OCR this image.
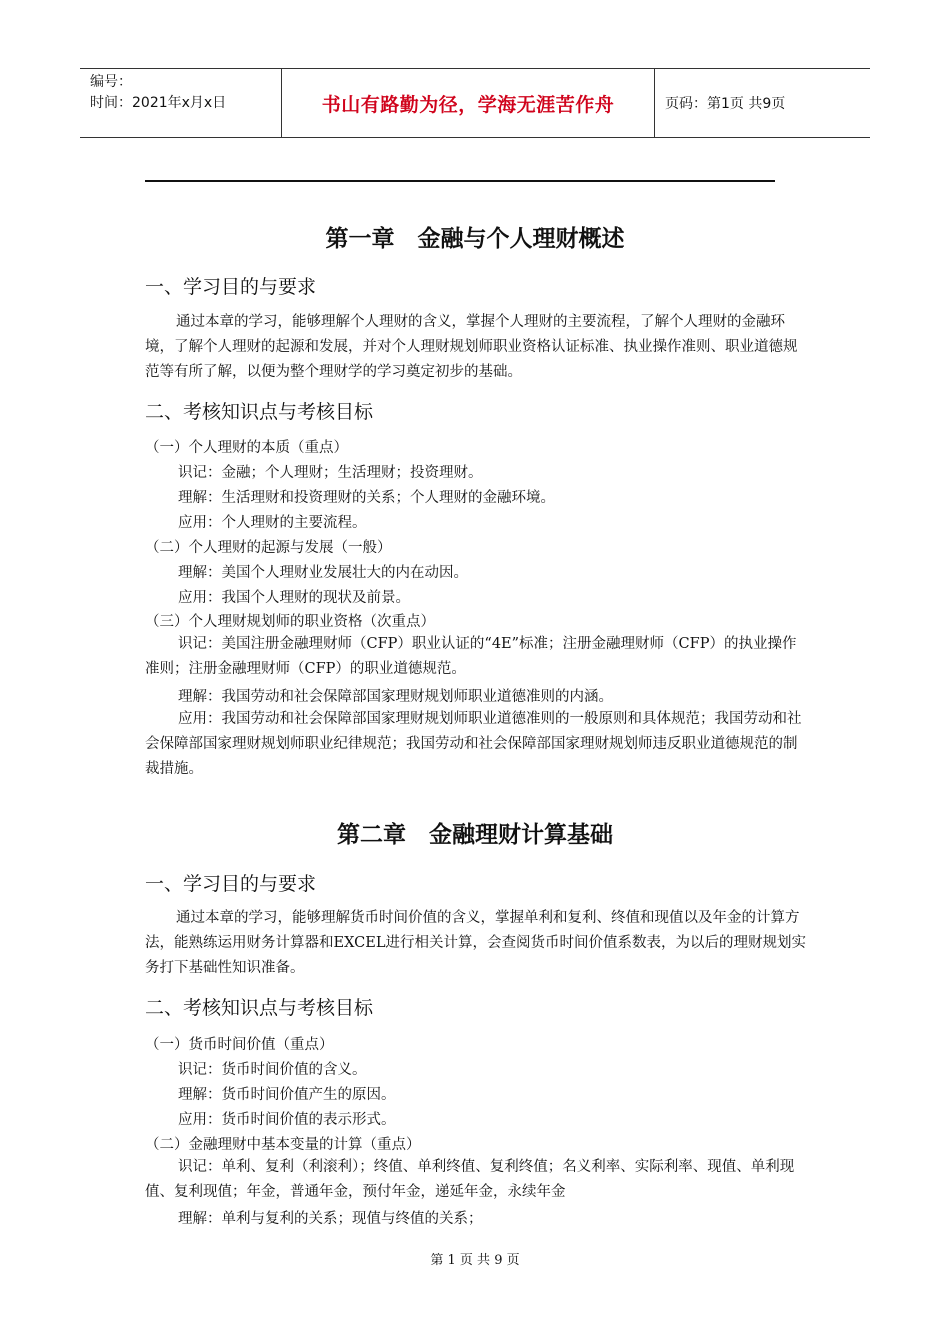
编号：
时间：2021年x月x日	书山有路勤为径，学海无涯苦作舟	页码：第1页 共9页
第一章　金融与个人理财概述
一、学习目的与要求

通过本章的学习，能够理解个人理财的含义，掌握个人理财的主要流程，了解个人理财的金融环境，了解个人理财的起源和发展，并对个人理财规划师职业资格认证标准、执业操作准则、职业道德规范等有所了解，以便为整个理财学的学习奠定初步的基础。

二、考核知识点与考核目标
（一）个人理财的本质（重点）
识记：金融；个人理财；生活理财；投资理财。
理解：生活理财和投资理财的关系；个人理财的金融环境。
应用：个人理财的主要流程。
（二）个人理财的起源与发展（一般）
理解：美国个人理财业发展壮大的内在动因。
应用：我国个人理财的现状及前景。
（三）个人理财规划师的职业资格（次重点）

识记：美国注册金融理财师（CFP）职业认证的“4E”标准；注册金融理财师（CFP）的执业操作准则；注册金融理财师（CFP）的职业道德规范。

理解：我国劳动和社会保障部国家理财规划师职业道德准则的内涵。

应用：我国劳动和社会保障部国家理财规划师职业道德准则的一般原则和具体规范；我国劳动和社会保障部国家理财规划师职业纪律规范；我国劳动和社会保障部国家理财规划师违反职业道德规范的制裁措施。

第二章　金融理财计算基础
一、学习目的与要求

通过本章的学习，能够理解货币时间价值的含义，掌握单利和复利、终值和现值以及年金的计算方法，能熟练运用财务计算器和EXCEL进行相关计算，会查阅货币时间价值系数表，为以后的理财规划实务打下基础性知识准备。

二、考核知识点与考核目标
（一）货币时间价值（重点）
识记：货币时间价值的含义。
理解：货币时间价值产生的原因。
应用：货币时间价值的表示形式。
（二）金融理财中基本变量的计算（重点）

识记：单利、复利（利滚利）；终值、单利终值、复利终值；名义利率、实际利率、现值、单利现值、复利现值；年金，普通年金，预付年金，递延年金，永续年金

理解：单利与复利的关系；现值与终值的关系；
第 1 页 共 9 页
